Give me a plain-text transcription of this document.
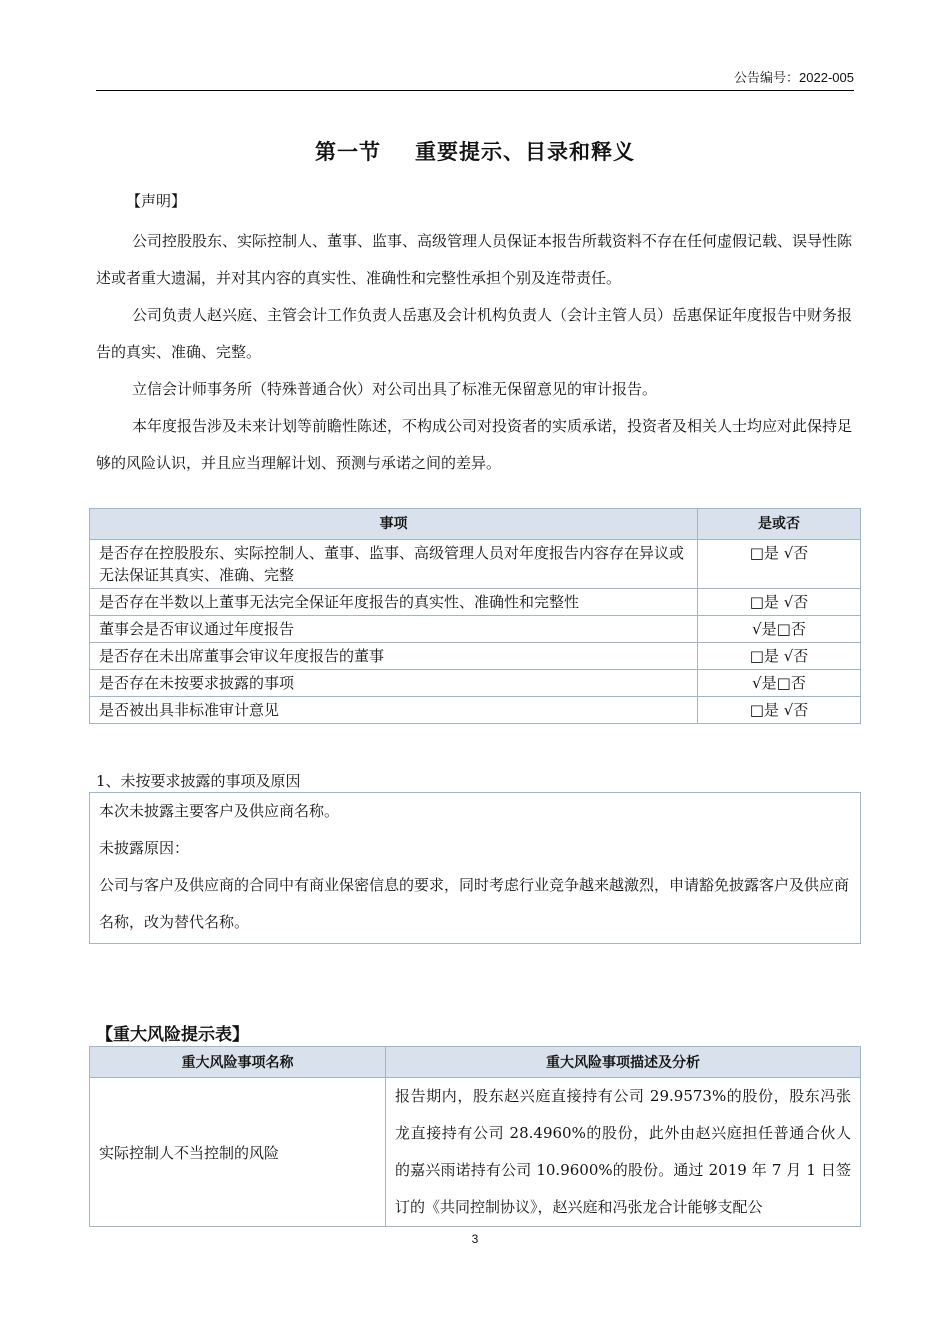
公告编号：2022-005
第一节 重要提示、目录和释义
【声明】
公司控股股东、实际控制人、董事、监事、高级管理人员保证本报告所载资料不存在任何虚假记载、误导性陈述或者重大遗漏，并对其内容的真实性、准确性和完整性承担个别及连带责任。
公司负责人赵兴庭、主管会计工作负责人岳惠及会计机构负责人（会计主管人员）岳惠保证年度报告中财务报告的真实、准确、完整。
立信会计师事务所（特殊普通合伙）对公司出具了标准无保留意见的审计报告。
本年度报告涉及未来计划等前瞻性陈述，不构成公司对投资者的实质承诺，投资者及相关人士均应对此保持足够的风险认识，并且应当理解计划、预测与承诺之间的差异。
事项	是或否
是否存在控股股东、实际控制人、董事、监事、高级管理人员对年度报告内容存在异议或无法保证其真实、准确、完整	□是 √否
是否存在半数以上董事无法完全保证年度报告的真实性、准确性和完整性	□是 √否
董事会是否审议通过年度报告	√是□否
是否存在未出席董事会审议年度报告的董事	□是 √否
是否存在未按要求披露的事项	√是□否
是否被出具非标准审计意见	□是 √否
1、未按要求披露的事项及原因

本次未披露主要客户及供应商名称。

未披露原因：

公司与客户及供应商的合同中有商业保密信息的要求，同时考虑行业竞争越来越激烈，申请豁免披露客户及供应商名称，改为替代名称。

【重大风险提示表】
重大风险事项名称	重大风险事项描述及分析
实际控制人不当控制的风险	报告期内，股东赵兴庭直接持有公司 29.9573%的股份，股东冯张龙直接持有公司 28.4960%的股份，此外由赵兴庭担任普通合伙人的嘉兴雨诺持有公司 10.9600%的股份。通过 2019 年 7 月 1 日签订的《共同控制协议》，赵兴庭和冯张龙合计能够支配公
3
